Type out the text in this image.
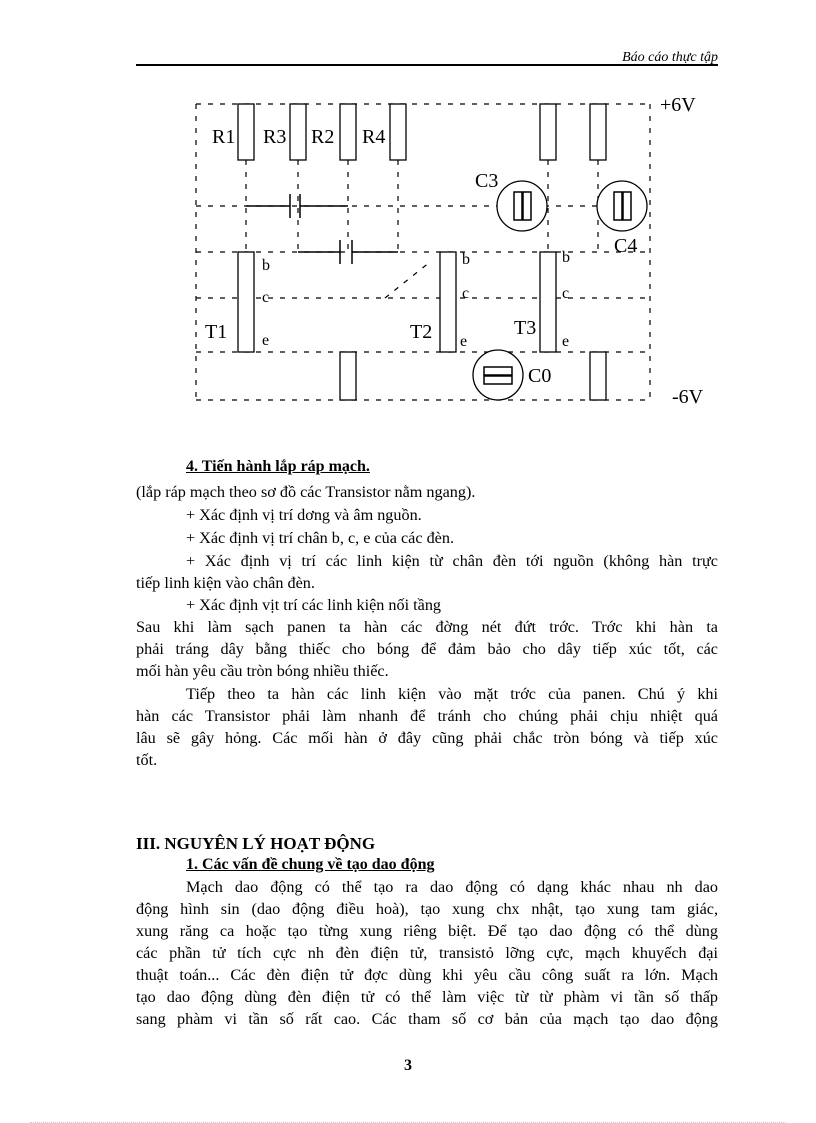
Báo cáo thực tập
+6V
-6V
R1 R3 R2 R4
C3
C4
C0
T1	T2	T3
b
c
e
b
c
e
b
c
e
4. Tiến hành lắp ráp mạch.
(lắp ráp mạch theo sơ đồ các Transistor nằm ngang).
+ Xác định vị trí dơng và âm nguồn.
+ Xác định vị trí chân b, c, e của các đèn.
+ Xác định vị trí các linh kiện từ chân đèn tới nguồn (không hàn trực
tiếp linh kiện vào chân đèn.
+ Xác định vịt trí các linh kiện nối tầng
Sau khi làm sạch panen ta hàn các đờng nét đứt trớc. Trớc khi hàn ta
phải tráng dây bằng thiếc cho bóng để đảm bảo cho dây tiếp xúc tốt, các
mối hàn yêu cầu tròn bóng nhiều thiếc.
Tiếp theo ta hàn các linh kiện vào mặt trớc của panen. Chú ý khi
hàn các Transistor phải làm nhanh để tránh cho chúng phải chịu nhiệt quá
lâu sẽ gây hỏng. Các mối hàn ở đây cũng phải chắc tròn bóng và tiếp xúc
tốt.
III. NGUYÊN LÝ HOẠT ĐỘNG
1. Các vấn đề chung về tạo dao động
Mạch dao động có thể tạo ra dao động có dạng khác nhau nh dao
động hình sin (dao động điều hoà), tạo xung chx nhật, tạo xung tam giác,
xung răng ca hoặc tạo từng xung riêng biệt. Để tạo dao động có thể dùng
các phần tử tích cực nh đèn điện tử, transistỏ lỡng cực, mạch khuyếch đại
thuật toán... Các đèn điện tử đợc dùng khi yêu cầu công suất ra lớn. Mạch
tạo dao động dùng đèn điện tử có thể làm việc từ từ phàm vi tần số thấp
sang phàm vi tần số rất cao. Các tham số cơ bản của mạch tạo dao động
3
